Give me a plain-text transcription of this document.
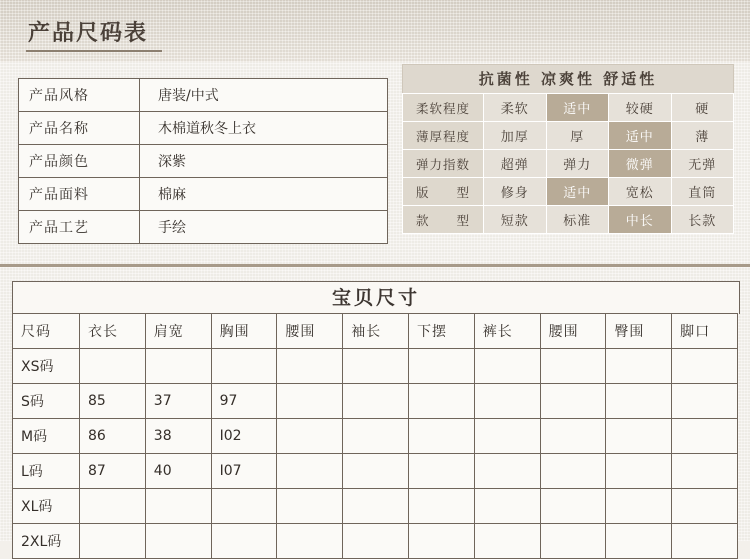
产品尺码表
产品风格	唐装/中式
产品名称	木棉道秋冬上衣
产品颜色	深紫
产品面料	棉麻
产品工艺	手绘
抗菌性 凉爽性 舒适性
柔软程度	柔软	适中	较硬	硬
薄厚程度	加厚	厚	适中	薄
弹力指数	超弹	弹力	微弹	无弹
版　　型	修身	适中	宽松	直筒
款　　型	短款	标准	中长	长款
宝贝尺寸
尺码	衣长	肩宽	胸围	腰围	袖长	下摆	裤长	腰围	臀围	脚口
XS码										
S码	85	37	97							
M码	86	38	I02							
L码	87	40	I07							
XL码										
2XL码										
